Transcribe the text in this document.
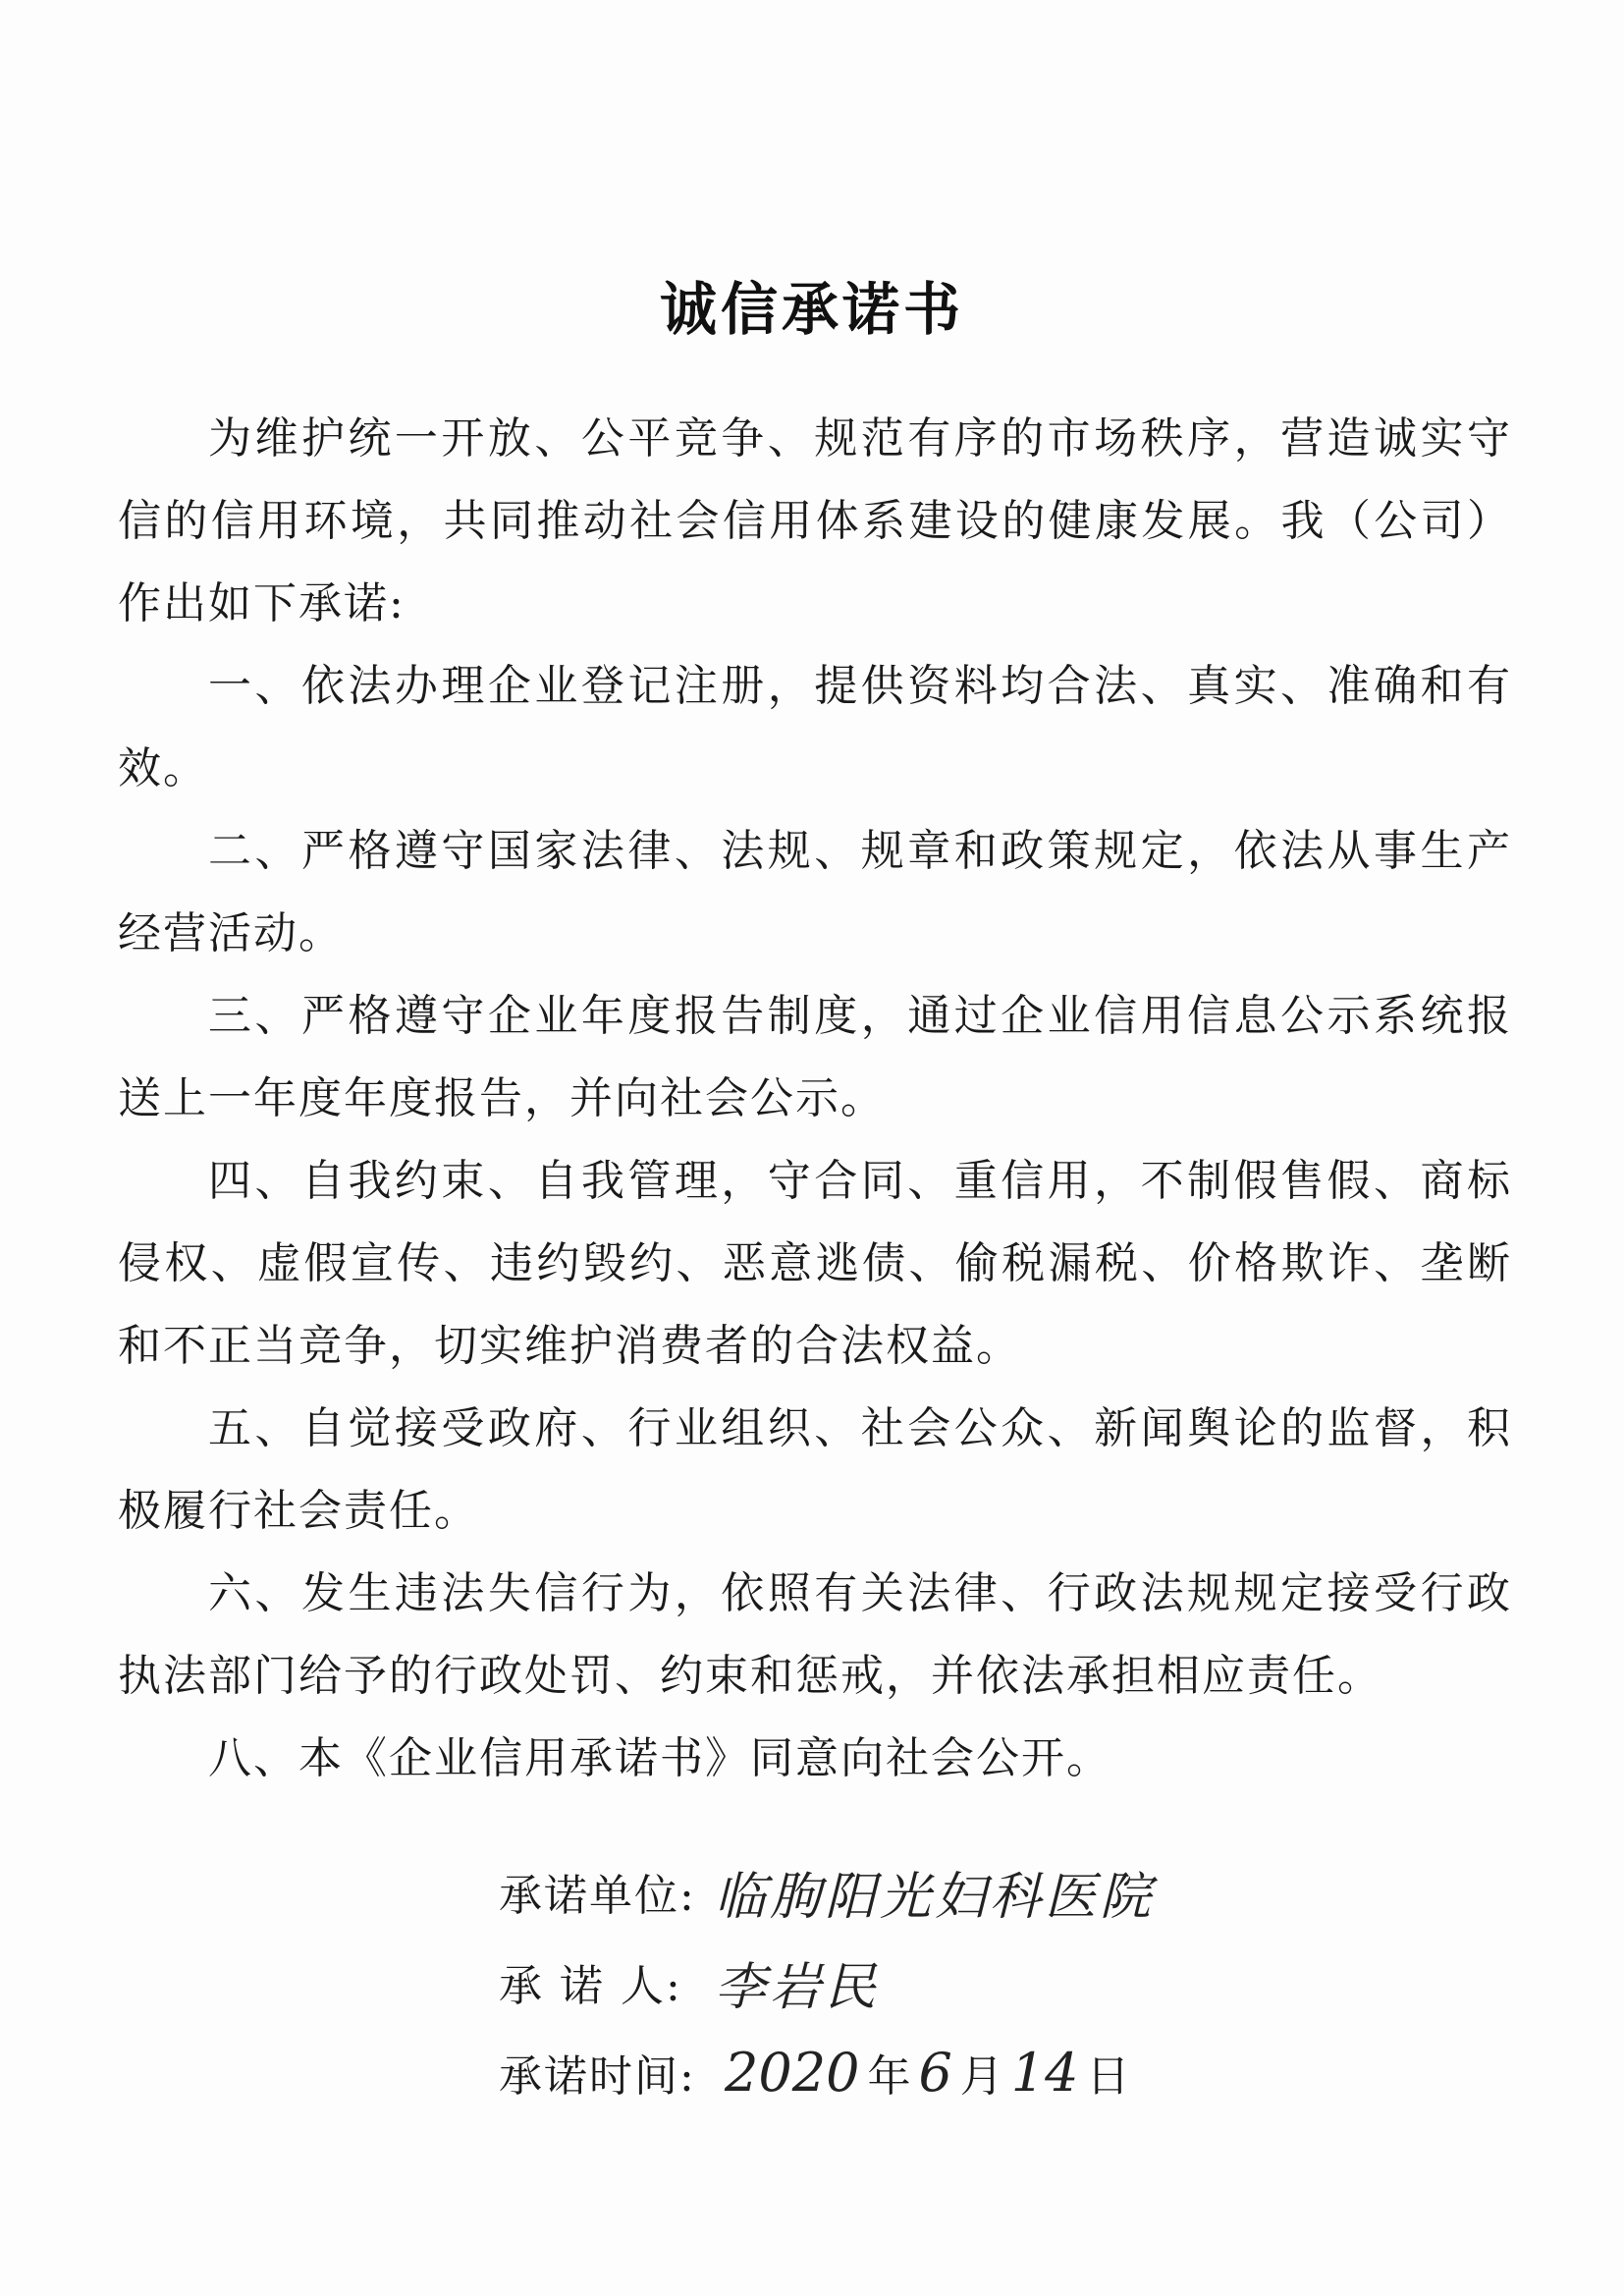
诚信承诺书

为维护统一开放、公平竞争、规范有序的市场秩序，营造诚实守信的信用环境，共同推动社会信用体系建设的健康发展。我（公司）作出如下承诺:

一、依法办理企业登记注册，提供资料均合法、真实、准确和有效。

二、严格遵守国家法律、法规、规章和政策规定，依法从事生产经营活动。

三、严格遵守企业年度报告制度，通过企业信用信息公示系统报送上一年度年度报告，并向社会公示。

四、自我约束、自我管理，守合同、重信用，不制假售假、商标侵权、虚假宣传、违约毁约、恶意逃债、偷税漏税、价格欺诈、垄断和不正当竞争，切实维护消费者的合法权益。

五、自觉接受政府、行业组织、社会公众、新闻舆论的监督，积极履行社会责任。

六、发生违法失信行为，依照有关法律、行政法规规定接受行政执法部门给予的行政处罚、约束和惩戒，并依法承担相应责任。

八、本《企业信用承诺书》同意向社会公开。

承诺单位: 临朐阳光妇科医院
承 诺 人: 李岩民
承诺时间: 2020 年 6 月 14 日
